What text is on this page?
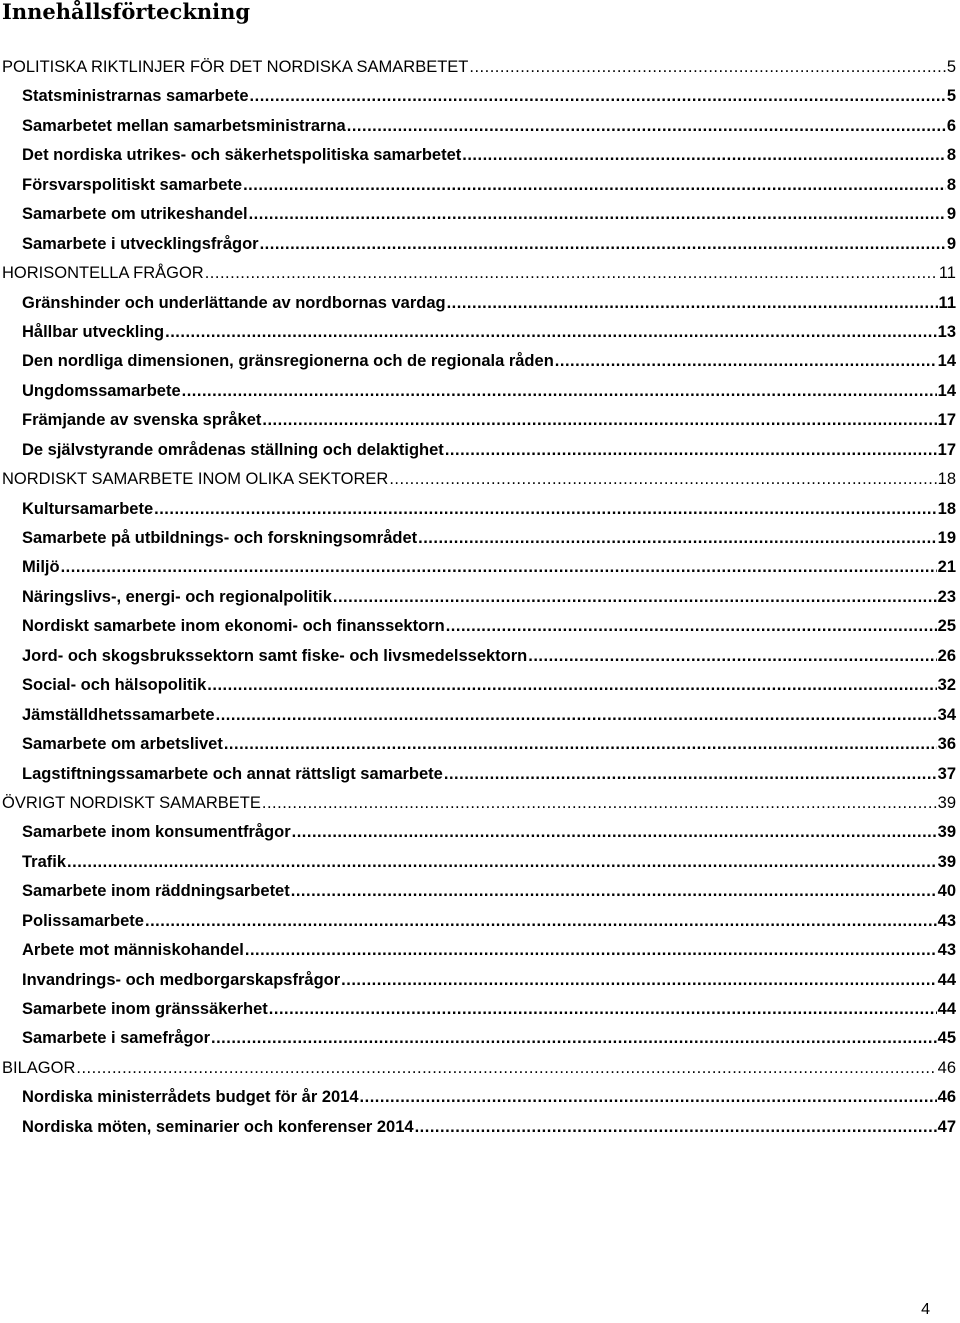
Innehållsförteckning
POLITISKA RIKTLINJER FÖR DET NORDISKA SAMARBETET .....	5
Statsministrarnas samarbete .....	5
Samarbetet mellan samarbetsministrarna .....	6
Det nordiska utrikes- och säkerhetspolitiska samarbetet .....	8
Försvarspolitiskt samarbete .....	8
Samarbete om utrikeshandel .....	9
Samarbete i utvecklingsfrågor .....	9
HORISONTELLA FRÅGOR .....	11
Gränshinder och underlättande av nordbornas vardag .....	11
Hållbar utveckling .....	13
Den nordliga dimensionen, gränsregionerna och de regionala råden .....	14
Ungdomssamarbete .....	14
Främjande av svenska språket .....	17
De självstyrande områdenas ställning och delaktighet .....	17
NORDISKT SAMARBETE INOM OLIKA SEKTORER .....	18
Kultursamarbete .....	18
Samarbete på utbildnings- och forskningsområdet .....	19
Miljö .....	21
Näringslivs-, energi- och regionalpolitik .....	23
Nordiskt samarbete inom ekonomi- och finanssektorn .....	25
Jord- och skogsbrukssektorn samt fiske- och livsmedelssektorn .....	26
Social- och hälsopolitik .....	32
Jämställdhetssamarbete .....	34
Samarbete om arbetslivet .....	36
Lagstiftningssamarbete och annat rättsligt samarbete .....	37
ÖVRIGT NORDISKT SAMARBETE .....	39
Samarbete inom konsumentfrågor .....	39
Trafik .....	39
Samarbete inom räddningsarbetet .....	40
Polissamarbete .....	43
Arbete mot människohandel .....	43
Invandrings- och medborgarskapsfrågor .....	44
Samarbete inom gränssäkerhet .....	44
Samarbete i samefrågor .....	45
BILAGOR .....	46
Nordiska ministerrådets budget för år 2014 .....	46
Nordiska möten, seminarier och konferenser 2014 .....	47
4
